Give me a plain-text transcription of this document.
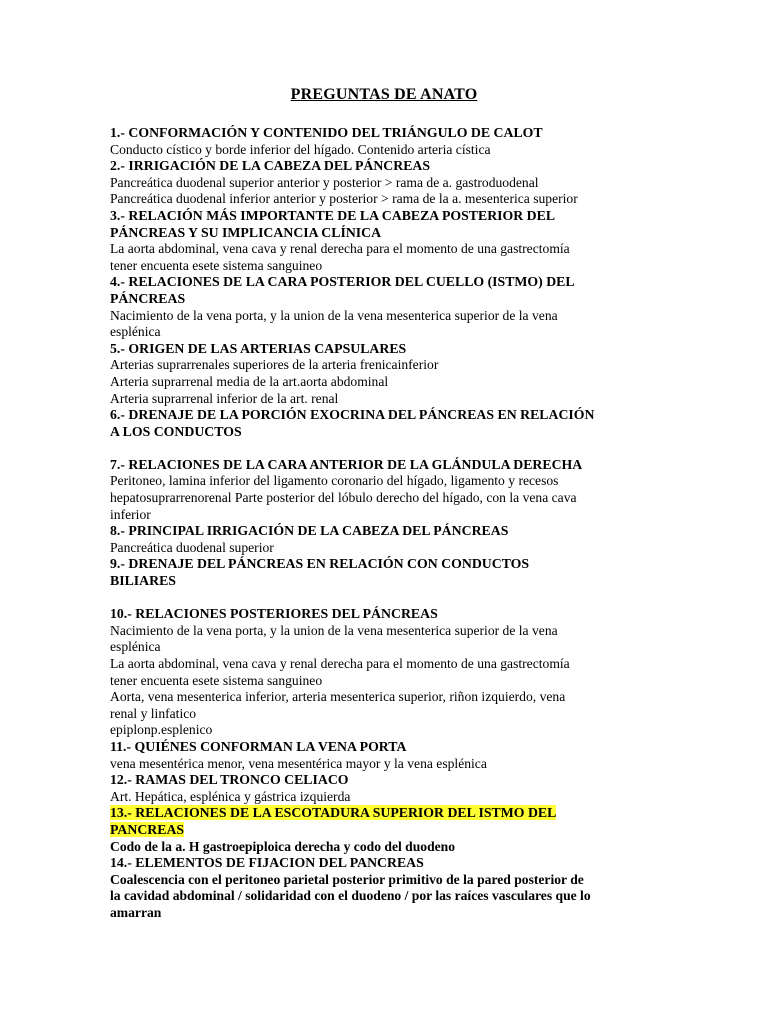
PREGUNTAS DE ANATO
1.- CONFORMACIÓN Y CONTENIDO DEL TRIÁNGULO DE CALOT
Conducto cístico y borde inferior del hígado. Contenido arteria cística
2.- IRRIGACIÓN DE LA CABEZA DEL PÁNCREAS
Pancreática duodenal superior anterior y posterior > rama de a. gastroduodenal
Pancreática duodenal inferior anterior y posterior > rama de la a. mesenterica superior
3.- RELACIÓN MÁS IMPORTANTE DE LA CABEZA POSTERIOR DEL
PÁNCREAS Y SU IMPLICANCIA CLÍNICA
La aorta abdominal, vena cava y renal derecha para el momento de una gastrectomía
tener encuenta esete sistema sanguineo
4.- RELACIONES DE LA CARA POSTERIOR DEL CUELLO (ISTMO) DEL
PÁNCREAS
Nacimiento de la vena porta, y la union de la vena mesenterica superior de la vena
esplénica
5.- ORIGEN DE LAS ARTERIAS CAPSULARES
Arterias suprarrenales superiores de la arteria frenicainferior
Arteria suprarrenal media de la art.aorta abdominal
Arteria suprarrenal inferior de la art. renal
6.- DRENAJE DE LA PORCIÓN EXOCRINA DEL PÁNCREAS EN RELACIÓN
A LOS CONDUCTOS
7.- RELACIONES DE LA CARA ANTERIOR DE LA GLÁNDULA DERECHA
Peritoneo, lamina inferior del ligamento coronario del hígado, ligamento y recesos
hepatosuprarrenorenal Parte posterior del lóbulo derecho del hígado, con la vena cava
inferior
8.- PRINCIPAL IRRIGACIÓN DE LA CABEZA DEL PÁNCREAS
Pancreática duodenal superior
9.- DRENAJE DEL PÁNCREAS EN RELACIÓN CON CONDUCTOS
BILIARES
10.- RELACIONES POSTERIORES DEL PÁNCREAS
Nacimiento de la vena porta, y la union de la vena mesenterica superior de la vena
esplénica
La aorta abdominal, vena cava y renal derecha para el momento de una gastrectomía
tener encuenta esete sistema sanguineo
Aorta, vena mesenterica inferior, arteria mesenterica superior, riñon izquierdo, vena
renal y linfatico
epiplonp.esplenico
11.- QUIÉNES CONFORMAN LA VENA PORTA
vena mesentérica menor, vena mesentérica mayor y la vena esplénica
12.- RAMAS DEL TRONCO CELIACO
Art. Hepática, esplénica y gástrica izquierda
13.- RELACIONES DE LA ESCOTADURA SUPERIOR DEL ISTMO DEL
PANCREAS
Codo de la a. H gastroepiploica derecha y codo del duodeno
14.- ELEMENTOS DE FIJACION DEL PANCREAS
Coalescencia con el peritoneo parietal posterior primitivo de la pared posterior de
la cavidad abdominal / solidaridad con el duodeno / por las raíces vasculares que lo
amarran
